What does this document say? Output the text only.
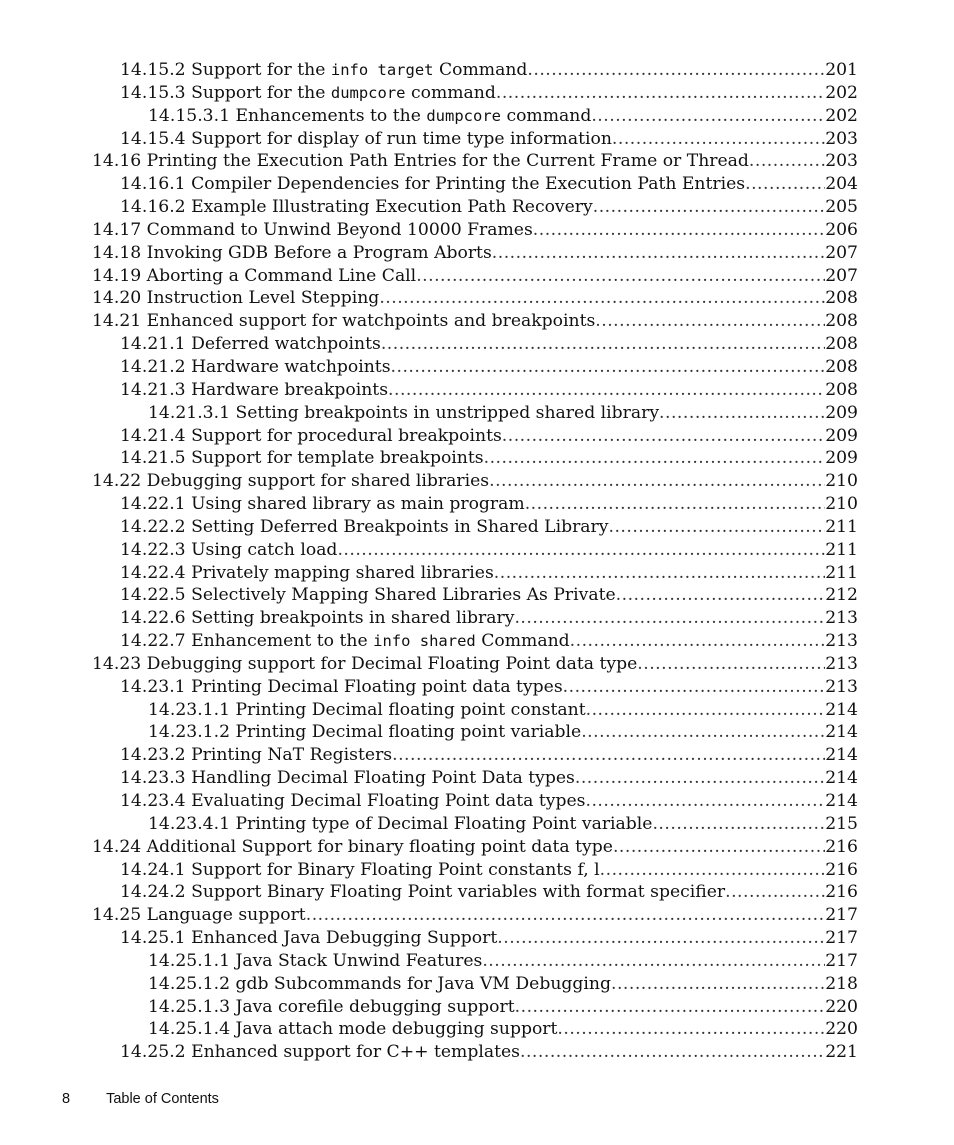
14.15.2 Support for the info target Command .....	201
14.15.3 Support for the dumpcore command .....	202
14.15.3.1 Enhancements to the dumpcore command .....	202
14.15.4 Support for display of run time type information .....	203
14.16 Printing the Execution Path Entries for the Current Frame or Thread .....	203
14.16.1 Compiler Dependencies for Printing the Execution Path Entries .....	204
14.16.2 Example Illustrating Execution Path Recovery .....	205
14.17 Command to Unwind Beyond 10000 Frames .....	206
14.18 Invoking GDB Before a Program Aborts .....	207
14.19 Aborting a Command Line Call .....	207
14.20 Instruction Level Stepping .....	208
14.21 Enhanced support for watchpoints and breakpoints .....	208
14.21.1 Deferred watchpoints .....	208
14.21.2 Hardware watchpoints .....	208
14.21.3 Hardware breakpoints .....	208
14.21.3.1 Setting breakpoints in unstripped shared library .....	209
14.21.4 Support for procedural breakpoints .....	209
14.21.5 Support for template breakpoints .....	209
14.22 Debugging support for shared libraries .....	210
14.22.1 Using shared library as main program .....	210
14.22.2 Setting Deferred Breakpoints in Shared Library .....	211
14.22.3 Using catch load .....	211
14.22.4 Privately mapping shared libraries .....	211
14.22.5 Selectively Mapping Shared Libraries As Private .....	212
14.22.6 Setting breakpoints in shared library .....	213
14.22.7 Enhancement to the info shared Command .....	213
14.23 Debugging support for Decimal Floating Point data type .....	213
14.23.1 Printing Decimal Floating point data types .....	213
14.23.1.1 Printing Decimal floating point constant .....	214
14.23.1.2 Printing Decimal floating point variable .....	214
14.23.2 Printing NaT Registers .....	214
14.23.3 Handling Decimal Floating Point Data types .....	214
14.23.4 Evaluating Decimal Floating Point data types .....	214
14.23.4.1 Printing type of Decimal Floating Point variable .....	215
14.24 Additional Support for binary floating point data type .....	216
14.24.1 Support for Binary Floating Point constants f, l .....	216
14.24.2 Support Binary Floating Point variables with format specifier .....	216
14.25 Language support .....	217
14.25.1 Enhanced Java Debugging Support .....	217
14.25.1.1 Java Stack Unwind Features .....	217
14.25.1.2 gdb Subcommands for Java VM Debugging .....	218
14.25.1.3 Java corefile debugging support .....	220
14.25.1.4 Java attach mode debugging support .....	220
14.25.2 Enhanced support for C++ templates .....	221
8 Table of Contents
